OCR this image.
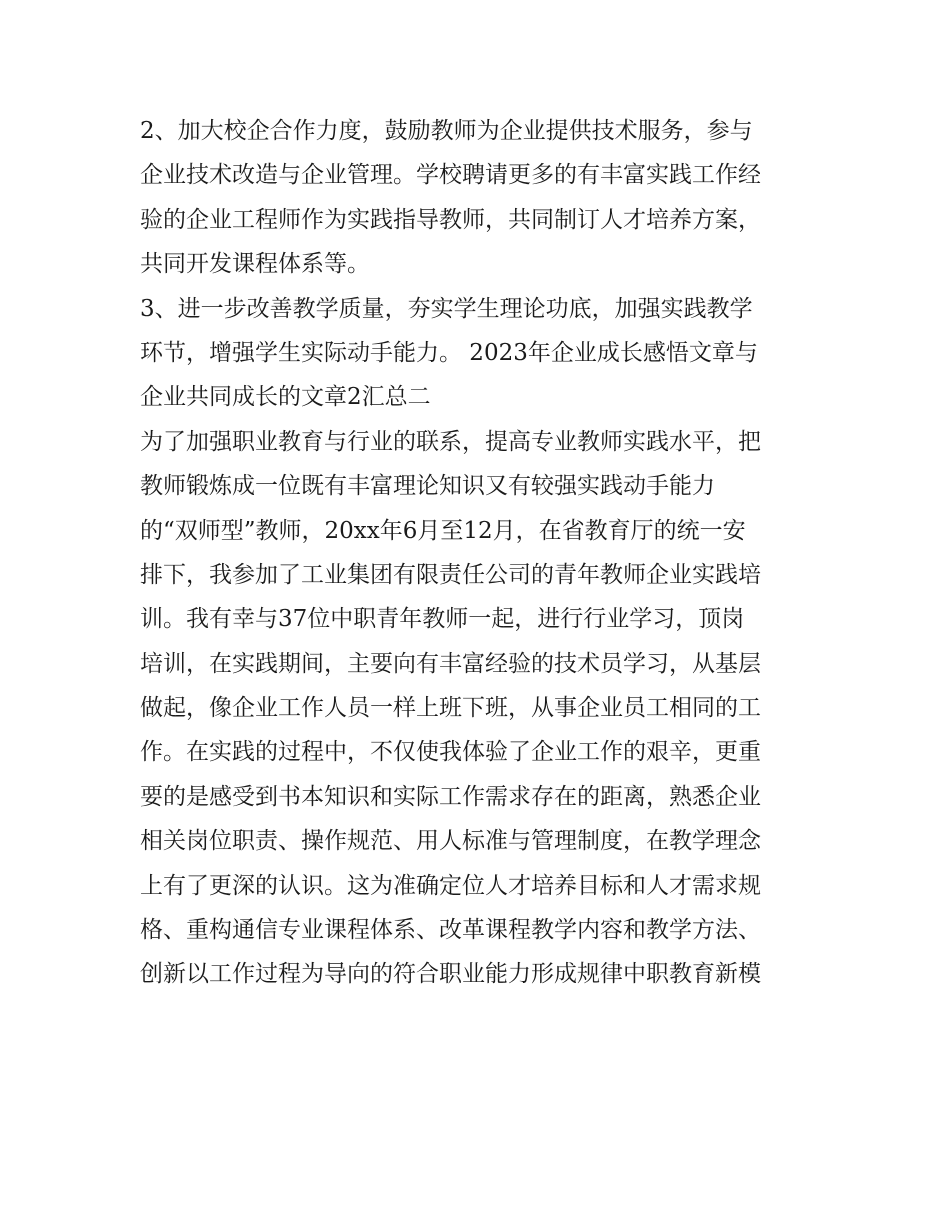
2、加大校企合作力度，鼓励教师为企业提供技术服务，参与
企业技术改造与企业管理。学校聘请更多的有丰富实践工作经
验的企业工程师作为实践指导教师，共同制订人才培养方案，
共同开发课程体系等。
3、进一步改善教学质量，夯实学生理论功底，加强实践教学
环节，增强学生实际动手能力。 2023年企业成长感悟文章与
企业共同成长的文章2汇总二
为了加强职业教育与行业的联系，提高专业教师实践水平，把
教师锻炼成一位既有丰富理论知识又有较强实践动手能力
的“双师型”教师，20xx年6月至12月，在省教育厅的统一安
排下，我参加了工业集团有限责任公司的青年教师企业实践培
训。我有幸与37位中职青年教师一起，进行行业学习，顶岗
培训，在实践期间，主要向有丰富经验的技术员学习，从基层
做起，像企业工作人员一样上班下班，从事企业员工相同的工
作。在实践的过程中，不仅使我体验了企业工作的艰辛，更重
要的是感受到书本知识和实际工作需求存在的距离，熟悉企业
相关岗位职责、操作规范、用人标准与管理制度，在教学理念
上有了更深的认识。这为准确定位人才培养目标和人才需求规
格、重构通信专业课程体系、改革课程教学内容和教学方法、
创新以工作过程为导向的符合职业能力形成规律中职教育新模
